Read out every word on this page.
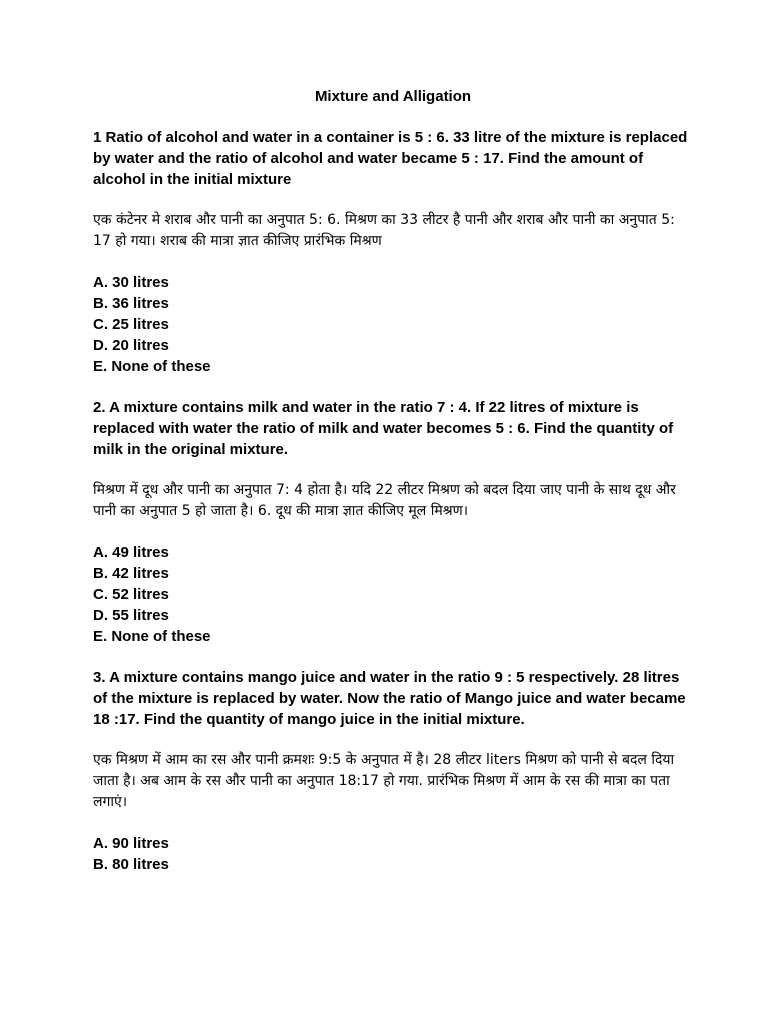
Mixture and Alligation
1 Ratio of alcohol and water in a container is 5 : 6. 33 litre of the mixture is replaced by water and the ratio of alcohol and water became 5 : 17. Find the amount of alcohol in the initial mixture
एक कंटेनर मे शराब और पानी का अनुपात 5: 6. मिश्रण का 33 लीटर है पानी और शराब और पानी का अनुपात 5: 17 हो गया। शराब की मात्रा ज्ञात कीजिए प्रारंभिक मिश्रण
A. 30 litres
B. 36 litres
C. 25 litres
D. 20 litres
E. None of these
2. A mixture contains milk and water in the ratio 7 : 4. If 22 litres of mixture is replaced with water the ratio of milk and water becomes 5 : 6. Find the quantity of milk in the original mixture.
मिश्रण में दूध और पानी का अनुपात 7: 4 होता है। यदि 22 लीटर मिश्रण को बदल दिया जाए पानी के साथ दूध और पानी का अनुपात 5 हो जाता है। 6. दूध की मात्रा ज्ञात कीजिए मूल मिश्रण।
A. 49 litres
B. 42 litres
C. 52 litres
D. 55 litres
E. None of these
3. A mixture contains mango juice and water in the ratio 9 : 5 respectively. 28 litres of the mixture is replaced by water. Now the ratio of Mango juice and water became 18 :17. Find the quantity of mango juice in the initial mixture.
एक मिश्रण में आम का रस और पानी क्रमशः 9:5 के अनुपात में है। 28 लीटर liters मिश्रण को पानी से बदल दिया जाता है। अब आम के रस और पानी का अनुपात 18:17 हो गया. प्रारंभिक मिश्रण में आम के रस की मात्रा का पता लगाएं।
A. 90 litres
B. 80 litres
